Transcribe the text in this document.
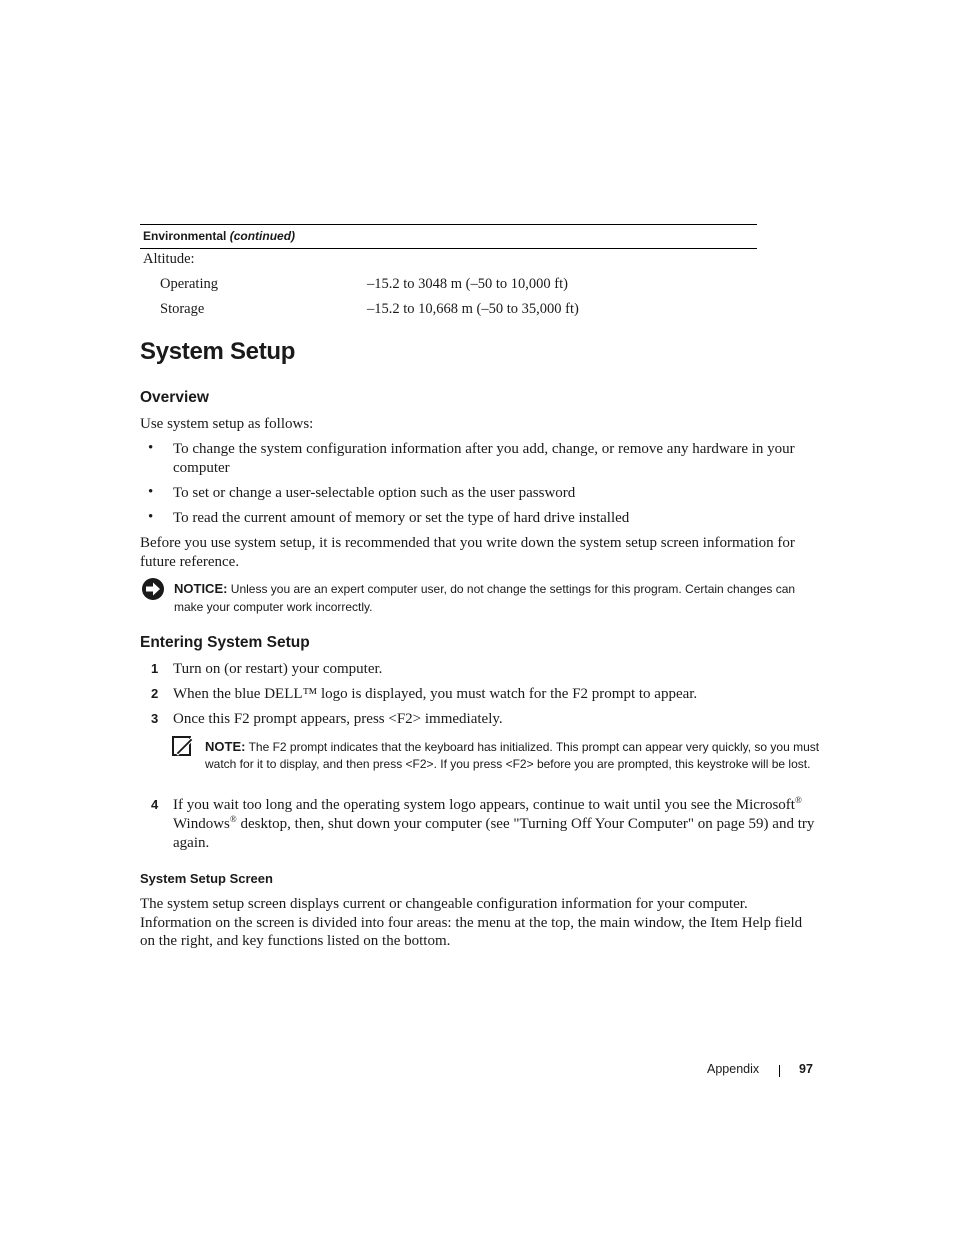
Environmental (continued)
Altitude:
Operating	–15.2 to 3048 m (–50 to 10,000 ft)
Storage	–15.2 to 10,668 m (–50 to 35,000 ft)
System Setup
Overview
Use system setup as follows:
• To change the system configuration information after you add, change, or remove any hardware in your computer
• To set or change a user-selectable option such as the user password
• To read the current amount of memory or set the type of hard drive installed
Before you use system setup, it is recommended that you write down the system setup screen information for future reference.
NOTICE: Unless you are an expert computer user, do not change the settings for this program. Certain changes can make your computer work incorrectly.
Entering System Setup
1 Turn on (or restart) your computer.
2 When the blue DELL™ logo is displayed, you must watch for the F2 prompt to appear.
3 Once this F2 prompt appears, press <F2> immediately.
NOTE: The F2 prompt indicates that the keyboard has initialized. This prompt can appear very quickly, so you must watch for it to display, and then press <F2>. If you press <F2> before you are prompted, this keystroke will be lost.
4 If you wait too long and the operating system logo appears, continue to wait until you see the Microsoft® Windows® desktop, then, shut down your computer (see "Turning Off Your Computer" on page 59) and try again.
System Setup Screen
The system setup screen displays current or changeable configuration information for your computer. Information on the screen is divided into four areas: the menu at the top, the main window, the Item Help field on the right, and key functions listed on the bottom.
Appendix	97
